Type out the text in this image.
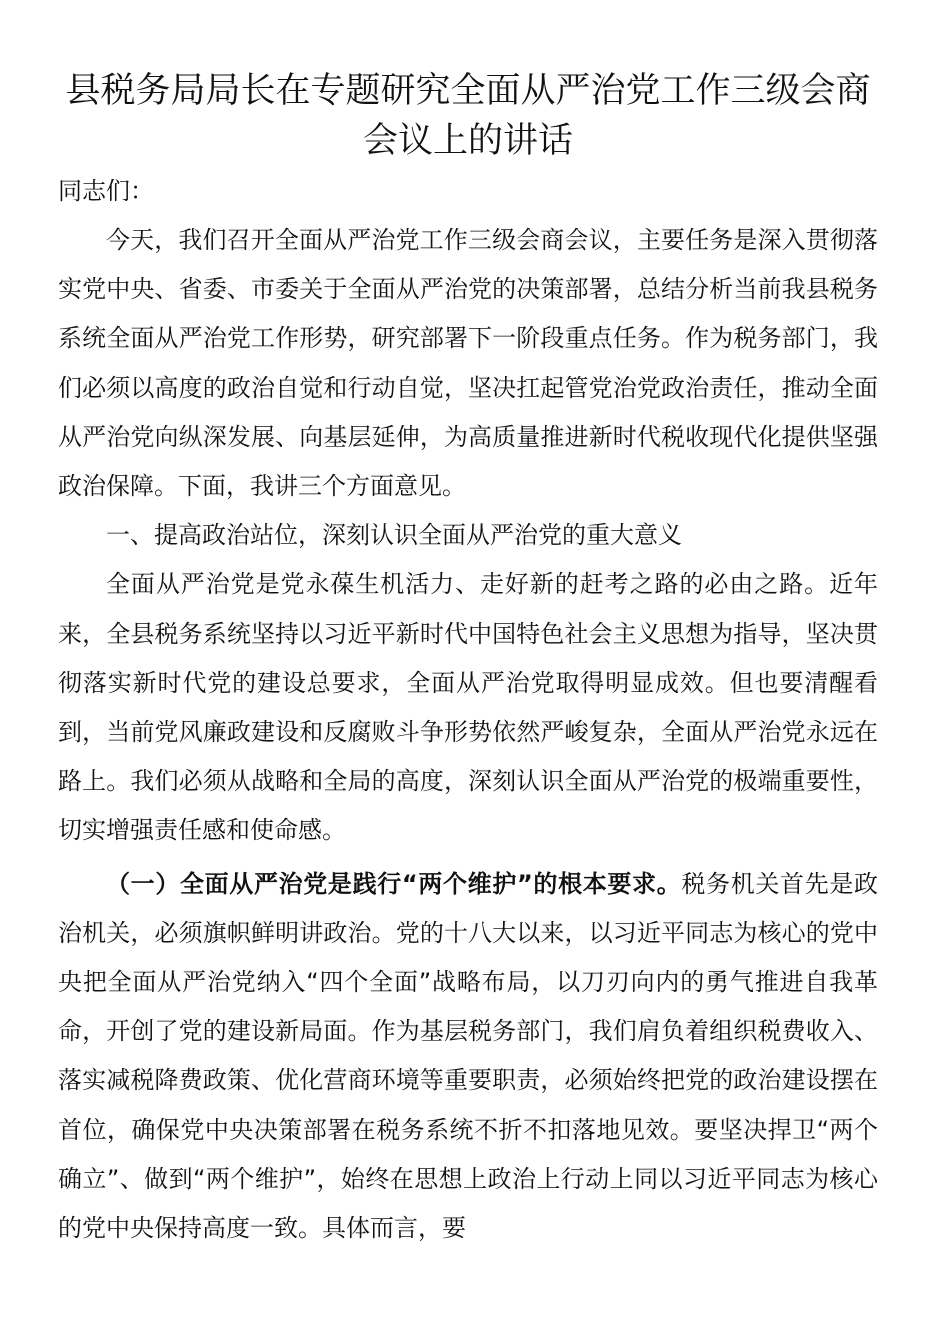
县税务局局长在专题研究全面从严治党工作三级会商会议上的讲话

同志们：

今天，我们召开全面从严治党工作三级会商会议，主要任务是深入贯彻落实党中央、省委、市委关于全面从严治党的决策部署，总结分析当前我县税务系统全面从严治党工作形势，研究部署下一阶段重点任务。作为税务部门，我们必须以高度的政治自觉和行动自觉，坚决扛起管党治党政治责任，推动全面从严治党向纵深发展、向基层延伸，为高质量推进新时代税收现代化提供坚强政治保障。下面，我讲三个方面意见。

一、提高政治站位，深刻认识全面从严治党的重大意义

全面从严治党是党永葆生机活力、走好新的赶考之路的必由之路。近年来，全县税务系统坚持以习近平新时代中国特色社会主义思想为指导，坚决贯彻落实新时代党的建设总要求，全面从严治党取得明显成效。但也要清醒看到，当前党风廉政建设和反腐败斗争形势依然严峻复杂，全面从严治党永远在路上。我们必须从战略和全局的高度，深刻认识全面从严治党的极端重要性，切实增强责任感和使命感。

（一）全面从严治党是践行“两个维护”的根本要求。税务机关首先是政治机关，必须旗帜鲜明讲政治。党的十八大以来，以习近平同志为核心的党中央把全面从严治党纳入“四个全面”战略布局，以刀刃向内的勇气推进自我革命，开创了党的建设新局面。作为基层税务部门，我们肩负着组织税费收入、落实减税降费政策、优化营商环境等重要职责，必须始终把党的政治建设摆在首位，确保党中央决策部署在税务系统不折不扣落地见效。要坚决捍卫“两个确立”、做到“两个维护”，始终在思想上政治上行动上同以习近平同志为核心的党中央保持高度一致。具体而言，要
